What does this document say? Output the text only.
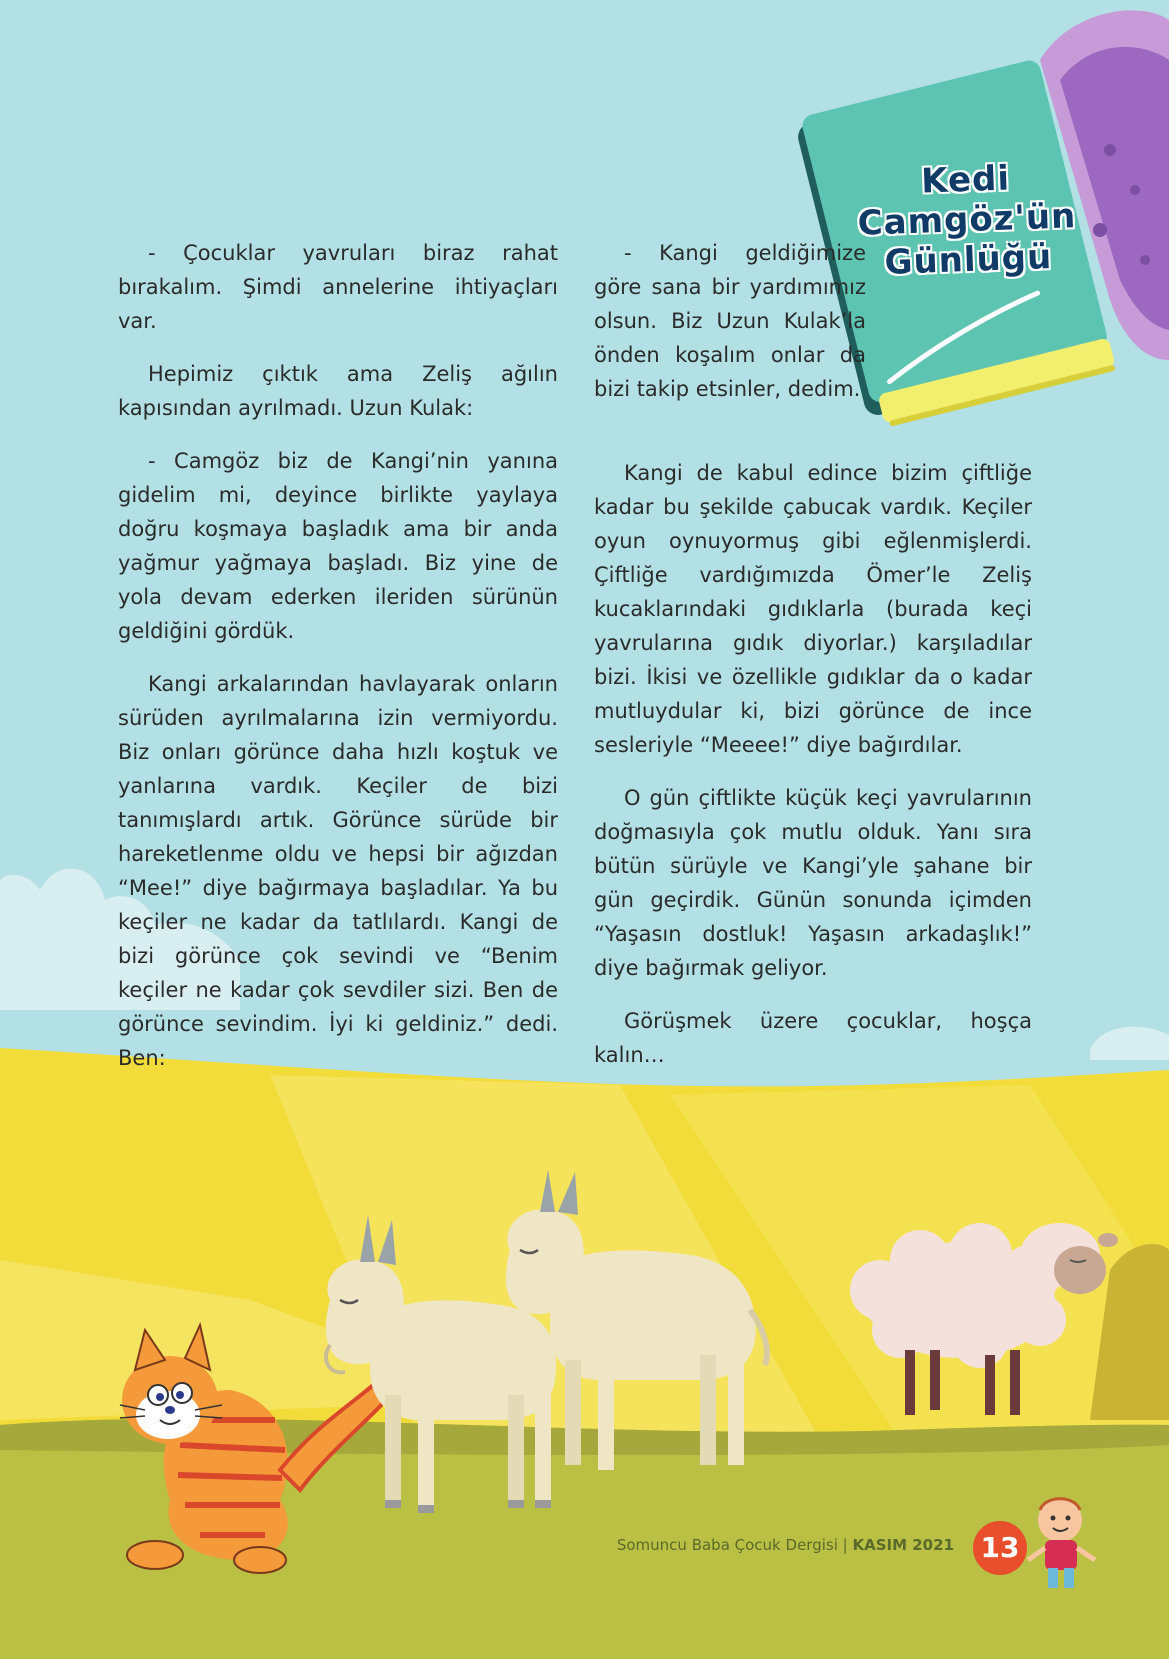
Kedi
Camgöz'ün
Günlüğü

- Çocuklar yavruları biraz rahat bırakalım. Şimdi annelerine ihtiyaçları var.

Hepimiz çıktık ama Zeliş ağılın kapısından ayrılmadı. Uzun Kulak:

- Camgöz biz de Kangi’nin yanına gidelim mi, deyince birlikte yaylaya doğru koşmaya başladık ama bir anda yağmur yağmaya başladı. Biz yine de yola devam ederken ileriden sürünün geldiğini gördük.

Kangi arkalarından havlayarak onların sürüden ayrılmalarına izin vermiyordu. Biz onları görünce daha hızlı koştuk ve yanlarına vardık. Keçiler de bizi tanımışlardı artık. Görünce sürüde bir hareketlenme oldu ve hepsi bir ağızdan “Mee!” diye bağırmaya başladılar. Ya bu keçiler ne kadar da tatlılardı. Kangi de bizi görünce çok sevindi ve “Benim keçiler ne kadar çok sevdiler sizi. Ben de görünce sevindim. İyi ki geldiniz.” dedi. Ben:

- Kangi geldiğimize göre sana bir yardımımız olsun. Biz Uzun Kulak’la önden koşalım onlar da bizi takip etsinler, dedim.

Kangi de kabul edince bizim çiftliğe kadar bu şekilde çabucak vardık. Keçiler oyun oynuyormuş gibi eğlenmişlerdi. Çiftliğe vardığımızda Ömer’le Zeliş kucaklarındaki gıdıklarla (burada keçi yavrularına gıdık diyorlar.) karşıladılar bizi. İkisi ve özellikle gıdıklar da o kadar mutluydular ki, bizi görünce de ince sesleriyle “Meeee!” diye bağırdılar.

O gün çiftlikte küçük keçi yavrularının doğmasıyla çok mutlu olduk. Yanı sıra bütün sürüyle ve Kangi’yle şahane bir gün geçirdik. Günün sonunda içimden “Yaşasın dostluk! Yaşasın arkadaşlık!” diye bağırmak geliyor.

Görüşmek üzere çocuklar, hoşça kalın…

Somuncu Baba Çocuk Dergisi | KASIM 2021 13
